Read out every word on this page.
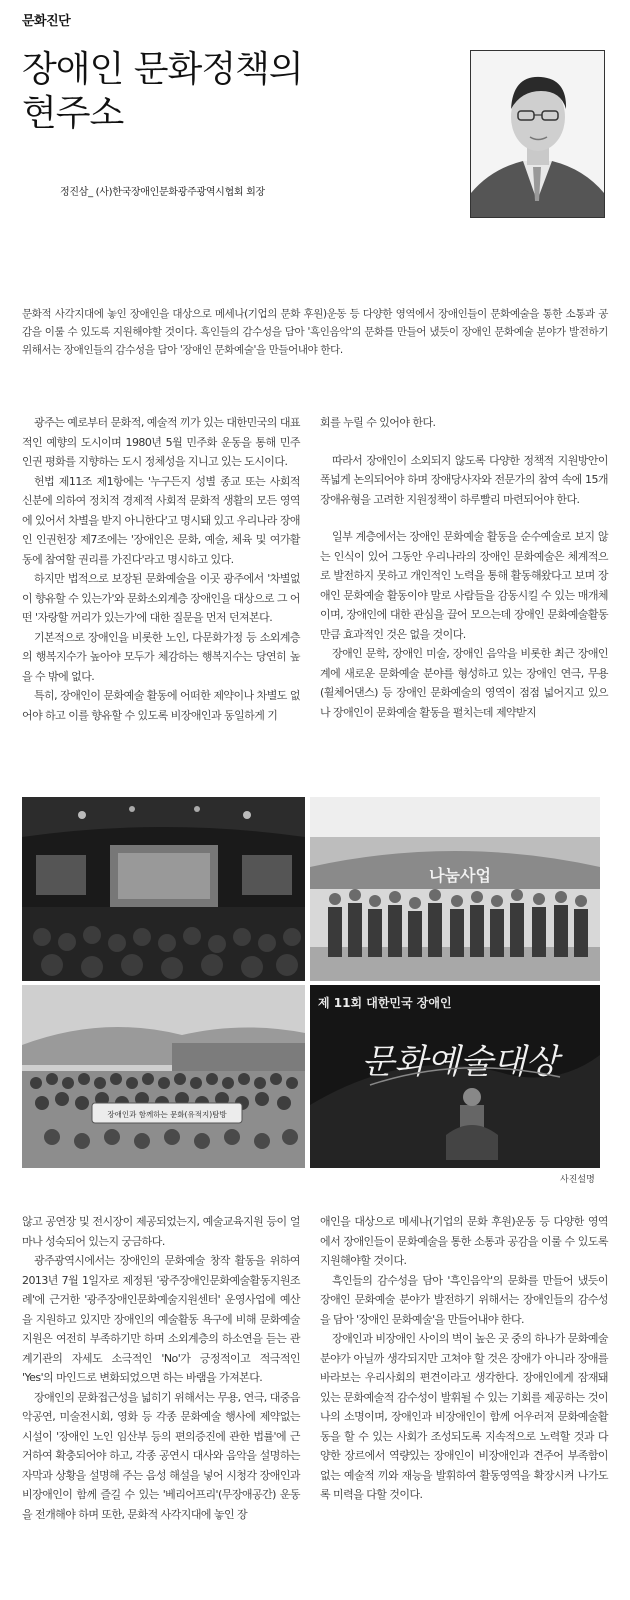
문화진단
장애인 문화정책의
현주소
정진삼_ (사)한국장애인문화광주광역시협회 회장
문화적 사각지대에 놓인 장애인을 대상으로 메세나(기업의 문화 후원)운동 등 다양한 영역에서 장애인들이 문화예술을 통한 소통과 공감을 이룰 수 있도록 지원해야할 것이다. 흑인들의 감수성을 담아 '흑인음악'의 문화를 만들어 냈듯이 장애인 문화예술 분야가 발전하기 위해서는 장애인들의 감수성을 담아 '장애인 문화예술'을 만들어내야 한다.

광주는 예로부터 문화적, 예술적 끼가 있는 대한민국의 대표적인 예향의 도시이며 1980년 5월 민주화 운동을 통해 민주 인권 평화를 지향하는 도시 정체성을 지니고 있는 도시이다.

헌법 제11조 제1항에는 '누구든지 성별 종교 또는 사회적 신분에 의하여 정치적 경제적 사회적 문화적 생활의 모든 영역에 있어서 차별을 받지 아니한다'고 명시돼 있고 우리나라 장애인 인권헌장 제7조에는 '장애인은 문화, 예술, 체육 및 여가활동에 참여할 권리를 가진다'라고 명시하고 있다.

하지만 법적으로 보장된 문화예술을 이곳 광주에서 '차별없이 향유할 수 있는가'와 문화소외계층 장애인을 대상으로 그 어떤 '자랑할 꺼리가 있는가'에 대한 질문을 먼저 던져본다.

기본적으로 장애인을 비롯한 노인, 다문화가정 등 소외계층의 행복지수가 높아야 모두가 체감하는 행복지수는 당연히 높을 수 밖에 없다.

특히, 장애인이 문화예술 활동에 어떠한 제약이나 차별도 없어야 하고 이를 향유할 수 있도록 비장애인과 동일하게 기

회를 누릴 수 있어야 한다.

따라서 장애인이 소외되지 않도록 다양한 정책적 지원방안이 폭넓게 논의되어야 하며 장애당사자와 전문가의 참여 속에 15개 장애유형을 고려한 지원정책이 하루빨리 마련되어야 한다.

일부 계층에서는 장애인 문화예술 활동을 순수예술로 보지 않는 인식이 있어 그동안 우리나라의 장애인 문화예술은 체계적으로 발전하지 못하고 개인적인 노력을 통해 활동해왔다고 보며 장애인 문화예술 활동이야 말로 사람들을 감동시킬 수 있는 매개체이며, 장애인에 대한 관심을 끌어 모으는데 장애인 문화예술활동 만큼 효과적인 것은 없을 것이다.

장애인 문학, 장애인 미술, 장애인 음악을 비롯한 최근 장애인계에 새로운 문화예술 분야를 형성하고 있는 장애인 연극, 무용(휠체어댄스) 등 장애인 문화예술의 영역이 점점 넓어지고 있으나 장애인이 문화예술 활동을 펼치는데 제약받지

나눔사업
장애인과 함께하는 문화(유적지)탐방
제 11회 대한민국 장애인
문화예술대상
사진설명

않고 공연장 및 전시장이 제공되었는지, 예술교육지원 등이 얼마나 성숙되어 있는지 궁금하다.

광주광역시에서는 장애인의 문화예술 창작 활동을 위하여 2013년 7월 1일자로 제정된 '광주장애인문화예술활동지원조례'에 근거한 '광주장애인문화예술지원센터' 운영사업에 예산을 지원하고 있지만 장애인의 예술활동 욕구에 비해 문화예술지원은 여전히 부족하기만 하며 소외계층의 하소연을 듣는 관계기관의 자세도 소극적인 'No'가 긍정적이고 적극적인 'Yes'의 마인드로 변화되었으면 하는 바램을 가져본다.

장애인의 문화접근성을 넓히기 위해서는 무용, 연극, 대중음악공연, 미술전시회, 영화 등 각종 문화예술 행사에 제약없는 시설이 '장애인 노인 임산부 등의 편의증진에 관한 법률'에 근거하여 확충되어야 하고, 각종 공연시 대사와 음악을 설명하는 자막과 상황을 설명해 주는 음성 해설을 넣어 시청각 장애인과 비장애인이 함께 즐길 수 있는 '베리어프리'(무장애공간) 운동을 전개해야 하며 또한, 문화적 사각지대에 놓인 장

애인을 대상으로 메세나(기업의 문화 후원)운동 등 다양한 영역에서 장애인들이 문화예술을 통한 소통과 공감을 이룰 수 있도록 지원해야할 것이다.

흑인들의 감수성을 담아 '흑인음악'의 문화를 만들어 냈듯이 장애인 문화예술 분야가 발전하기 위해서는 장애인들의 감수성을 담아 '장애인 문화예술'을 만들어내야 한다.

장애인과 비장애인 사이의 벽이 높은 곳 중의 하나가 문화예술분야가 아닐까 생각되지만 고쳐야 할 것은 장애가 아니라 장애를 바라보는 우리사회의 편견이라고 생각한다. 장애인에게 잠재돼 있는 문화예술적 감수성이 발휘될 수 있는 기회를 제공하는 것이 나의 소명이며, 장애인과 비장애인이 함께 어우러져 문화예술활동을 할 수 있는 사회가 조성되도록 지속적으로 노력할 것과 다양한 장르에서 역량있는 장애인이 비장애인과 견주어 부족함이 없는 예술적 끼와 재능을 발휘하여 활동영역을 확장시켜 나가도록 미력을 다할 것이다.
